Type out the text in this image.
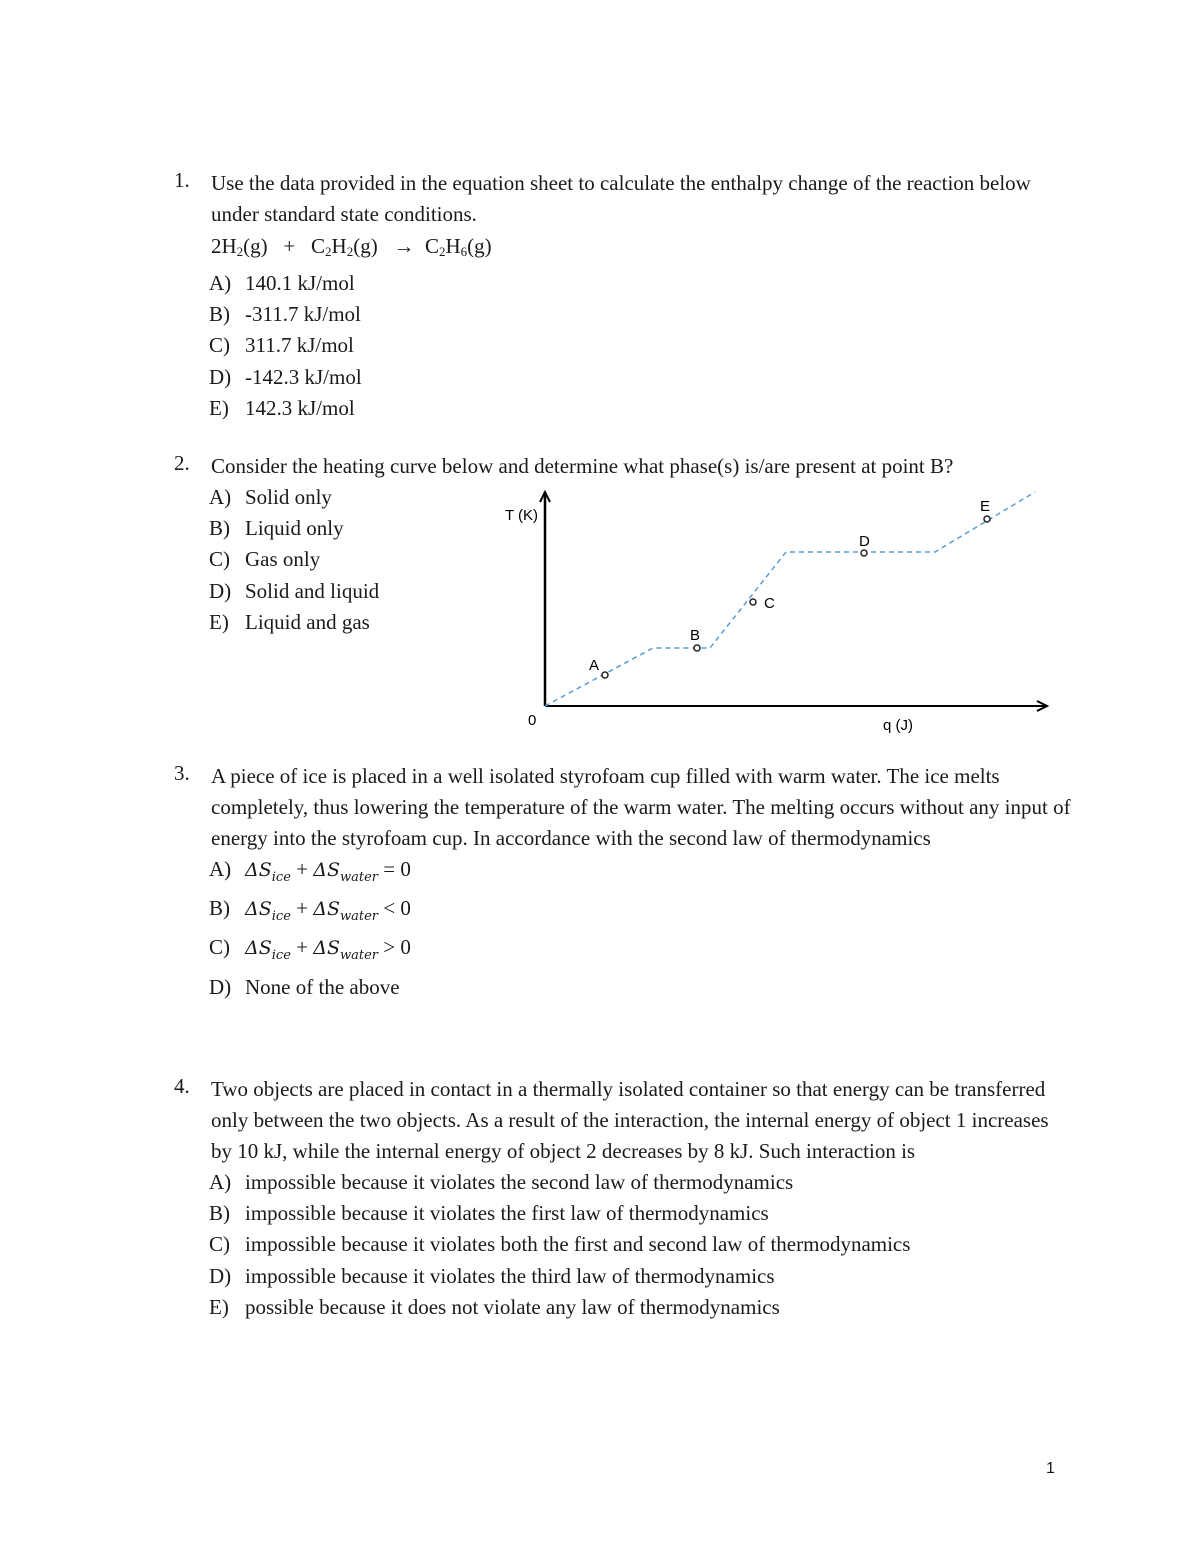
1. Use the data provided in the equation sheet to calculate the enthalpy change of the reaction below under standard state conditions.
$2H_2(g) + C_2H_2(g) \to C_2H_6(g)$
A) 140.1 kJ/mol
B) -311.7 kJ/mol
C) 311.7 kJ/mol
D) -142.3 kJ/mol
E) 142.3 kJ/mol
2. Consider the heating curve below and determine what phase(s) is/are present at point B?
A) Solid only
B) Liquid only
C) Gas only
D) Solid and liquid
E) Liquid and gas
T (K)
0	q (J)
A
B
C
D
E
3. A piece of ice is placed in a well isolated styrofoam cup filled with warm water. The ice melts completely, thus lowering the temperature of the warm water. The melting occurs without any input of energy into the styrofoam cup. In accordance with the second law of thermodynamics
A) $\Delta S_{ice} + \Delta S_{water} = 0$
B) $\Delta S_{ice} + \Delta S_{water} < 0$
C) $\Delta S_{ice} + \Delta S_{water} > 0$
D) None of the above
4. Two objects are placed in contact in a thermally isolated container so that energy can be transferred only between the two objects. As a result of the interaction, the internal energy of object 1 increases by 10 kJ, while the internal energy of object 2 decreases by 8 kJ. Such interaction is
A) impossible because it violates the second law of thermodynamics
B) impossible because it violates the first law of thermodynamics
C) impossible because it violates both the first and second law of thermodynamics
D) impossible because it violates the third law of thermodynamics
E) possible because it does not violate any law of thermodynamics
1
